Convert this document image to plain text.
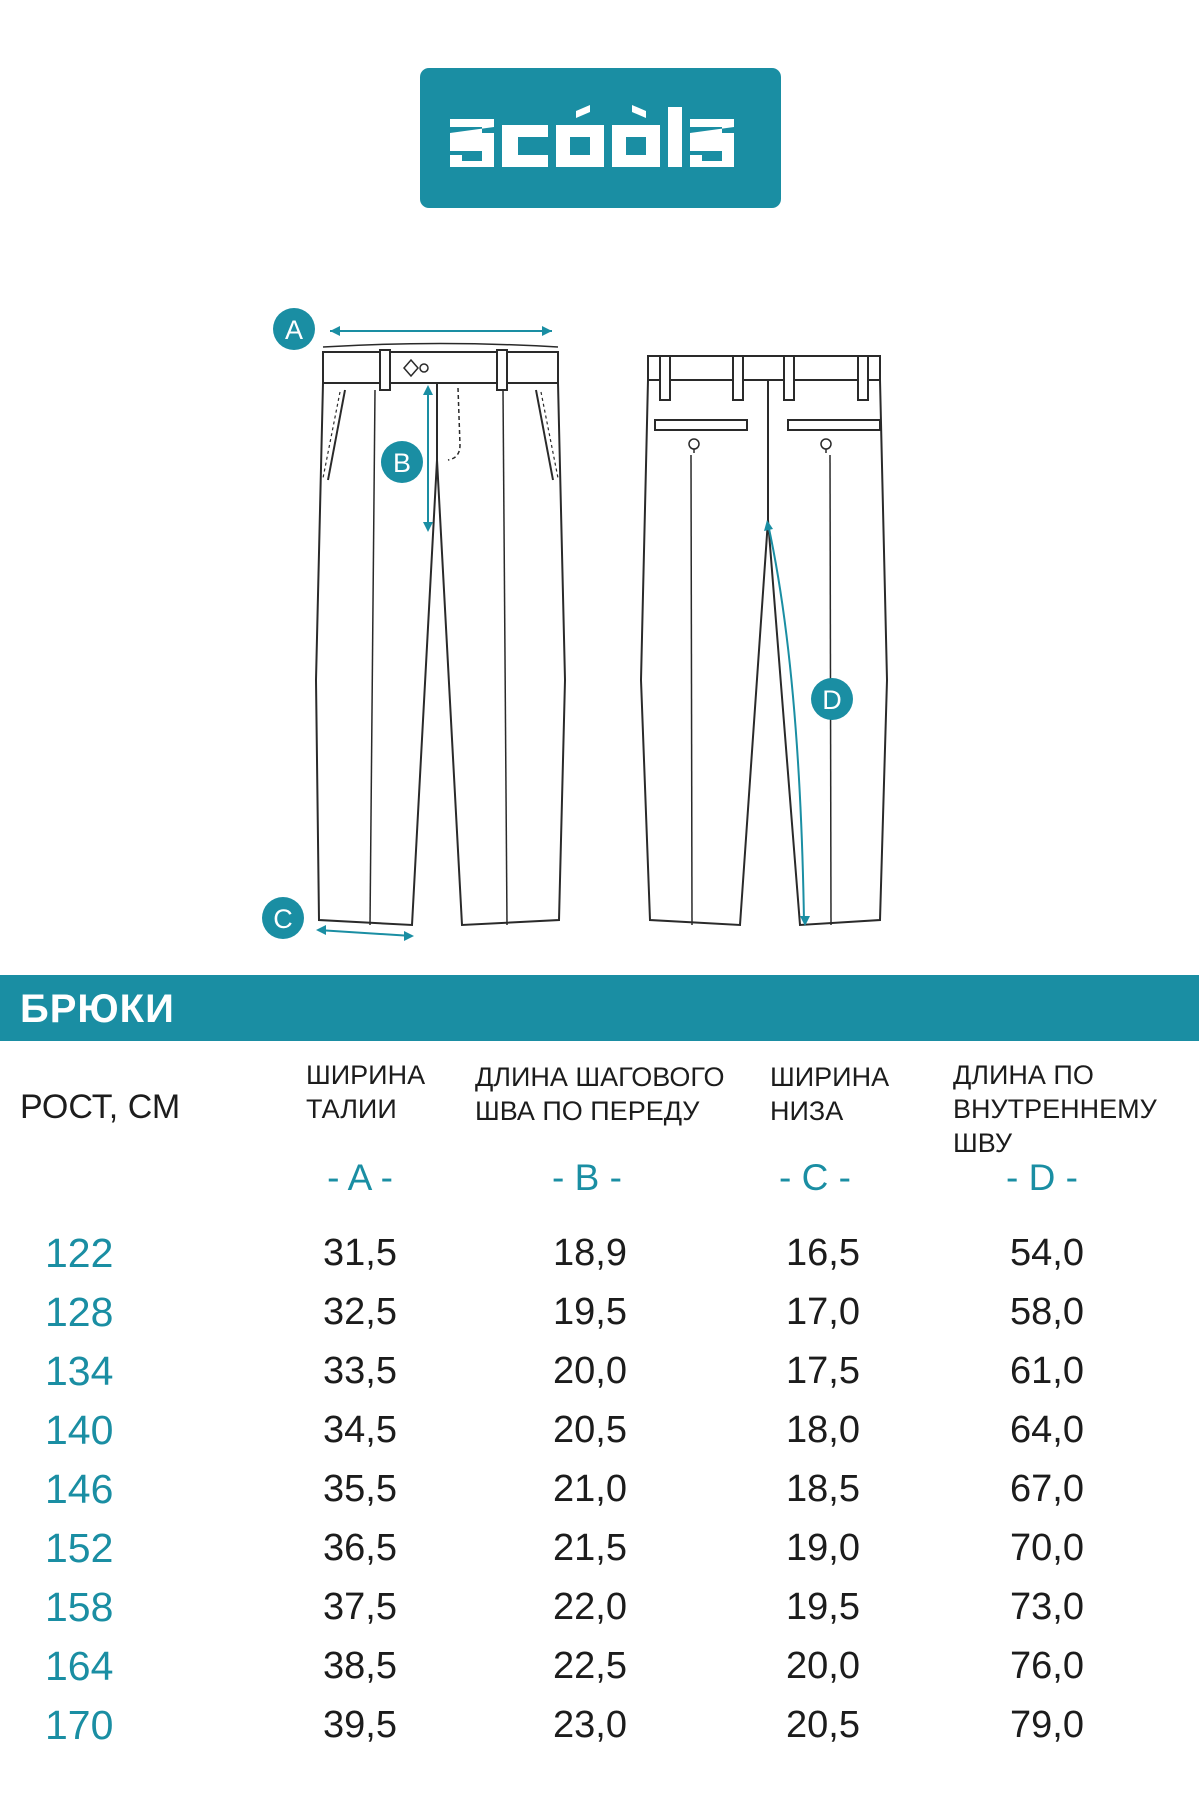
A
B
C
D
БРЮКИ
РОСТ, СМ
ШИРИНА
ТАЛИИ
ДЛИНА ШАГОВОГО
ШВА ПО ПЕРЕДУ
ШИРИНА
НИЗА
ДЛИНА ПО
ВНУТРЕННЕМУ ШВУ
- A -	- B -	- C -	- D -
122	31,5	18,9	16,5	54,0
128	32,5	19,5	17,0	58,0
134	33,5	20,0	17,5	61,0
140	34,5	20,5	18,0	64,0
146	35,5	21,0	18,5	67,0
152	36,5	21,5	19,0	70,0
158	37,5	22,0	19,5	73,0
164	38,5	22,5	20,0	76,0
170	39,5	23,0	20,5	79,0
